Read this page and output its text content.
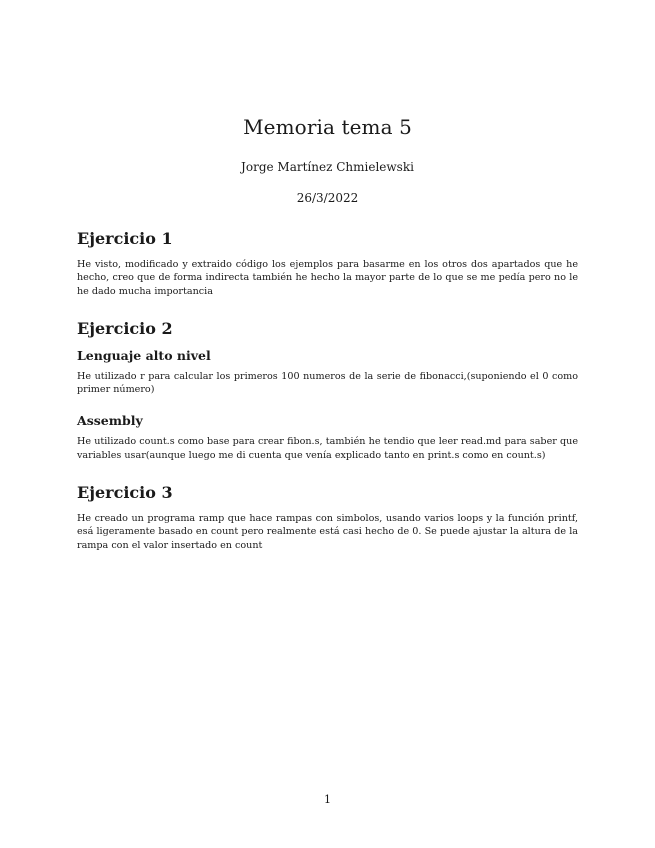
Memoria tema 5
Jorge Martínez Chmielewski
26/3/2022
Ejercicio 1

He visto, modificado y extraido código los ejemplos para basarme en los otros dos apartados que he hecho, creo que de forma indirecta también he hecho la mayor parte de lo que se me pedía pero no le he dado mucha importancia

Ejercicio 2
Lenguaje alto nivel

He utilizado r para calcular los primeros 100 numeros de la serie de fibonacci,(suponiendo el 0 como primer número)

Assembly

He utilizado count.s como base para crear fibon.s, también he tendio que leer read.md para saber que variables usar(aunque luego me di cuenta que venía explicado tanto en print.s como en count.s)

Ejercicio 3

He creado un programa ramp que hace rampas con simbolos, usando varios loops y la función printf, esá ligeramente basado en count pero realmente está casi hecho de 0. Se puede ajustar la altura de la rampa con el valor insertado en count

1
